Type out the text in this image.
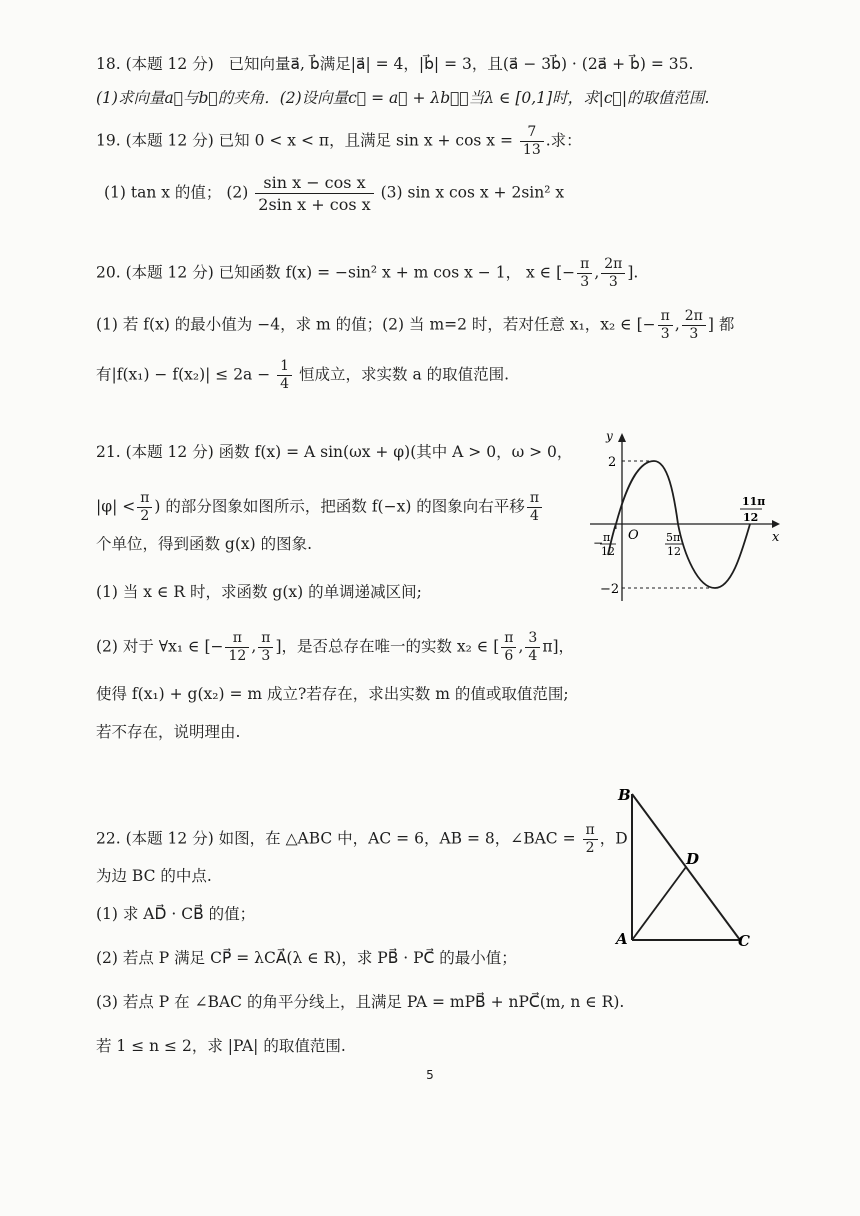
18. (本题 12 分) 已知向量a⃗, b⃗满足|a⃗| = 4，|b⃗| = 3，且(a⃗ − 3b⃗) · (2a⃗ + b⃗) = 35.
(1)求向量a⃗与b⃗的夹角．(2)设向量c⃗ = a⃗ + λb⃗，当λ ∈ [0,1]时，求|c⃗|的取值范围.
19. (本题 12 分) 已知 0 < x < π，且满足 $\sin x + \cos x = \frac{7}{13}$ .求：
(1) tan x 的值； $(2) \frac{\text{sin x − cos x}}{\text{2sin x + cos x}} (3)$ sin x cos x + 2sin² x
20. (本题 12 分) 已知函数 f(x) = −sin² x + m cos x − 1， x ∈ [− $\frac{\pi}{3}$ , $\frac{2\pi}{3}$ ].
(1) 若 f(x) 的最小值为 −4，求 m 的值；(2) 当 m=2 时，若对任意 x₁，x₂ ∈ [− $\frac{\pi}{3}$ , $\frac{2\pi}{3}$ ] 都
有$|f(x_1) - f(x_2)| \le 2a - \frac{1}{4}$ 恒成立，求实数 a 的取值范围.
21. (本题 12 分) 函数 f(x) = A sin(ωx + φ)(其中 A > 0，ω > 0，
$|\varphi| < \frac{\pi}{2}$ ) 的部分图象如图所示，把函数 f(−x) 的图象向右平移 $\frac{\pi}{4}$
个单位，得到函数 g(x) 的图象.
(1) 当 x ∈ R 时，求函数 g(x) 的单调递减区间;
(2) 对于 ∀x₁ ∈ [− $\frac{\pi}{12}$ , $\frac{\pi}{3}$ ]，是否总存在唯一的实数 x₂ ∈ [ $\frac{\pi}{6}$ , $\frac{3}{4} \pi$]，
使得 f(x₁) + g(x₂) = m 成立?若存在，求出实数 m 的值或取值范围;
若不存在，说明理由.
y
x
O
2
−2
− π
12
5π
12
11π
12
22. (本题 12 分) 如图，在 △ABC 中，AC = 6，AB = 8，∠BAC = $\frac{\pi}{2}$ ，D
为边 BC 的中点.
(1) 求 AD⃗ · CB⃗ 的值；
(2) 若点 P 满足 CP⃗ = λCA⃗(λ ∈ R)，求 PB⃗ · PC⃗ 的最小值；
(3) 若点 P 在 ∠BAC 的角平分线上，且满足 PA = mPB⃗ + nPC⃗(m, n ∈ R).
若 1 ≤ n ≤ 2，求 |PA| 的取值范围.
B
D
A	C
5
